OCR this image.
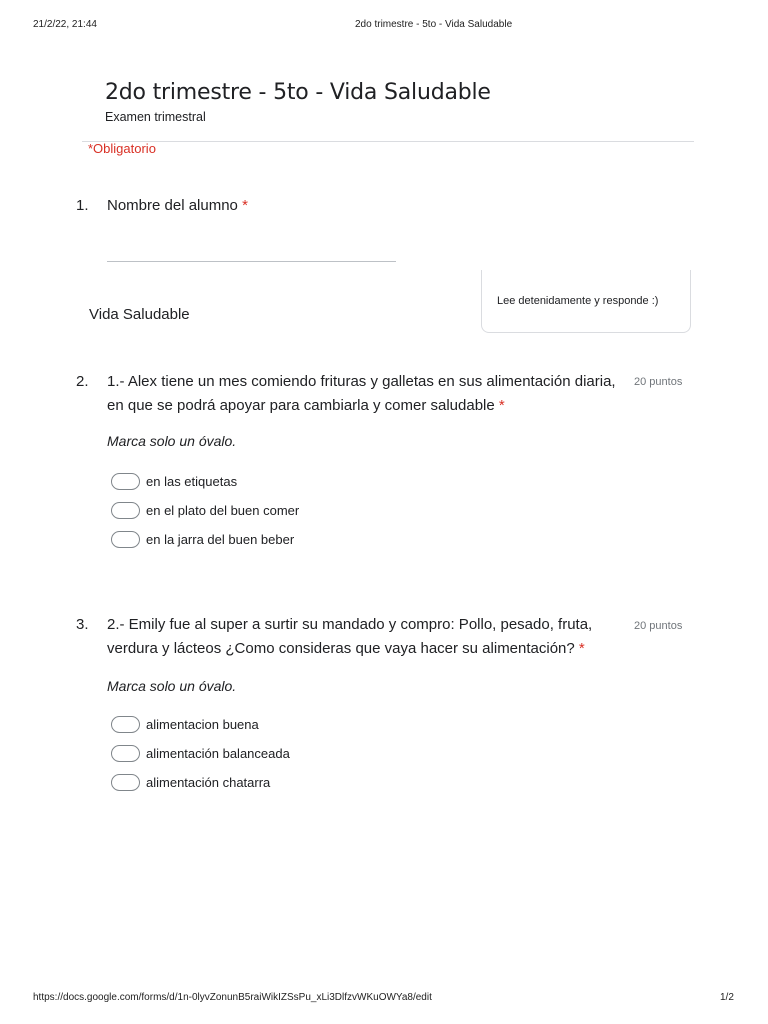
21/2/22, 21:44	2do trimestre - 5to - Vida Saludable
2do trimestre - 5to - Vida Saludable
Examen trimestral
*Obligatorio
1. Nombre del alumno *
Lee detenidamente y responde :)
Vida Saludable
2. 1.- Alex tiene un mes comiendo frituras y galletas en sus alimentación diaria,
en que se podrá apoyar para cambiarla y comer saludable *
20 puntos
Marca solo un óvalo.
en las etiquetas
en el plato del buen comer
en la jarra del buen beber
3. 2.- Emily fue al super a surtir su mandado y compro: Pollo, pesado, fruta,
verdura y lácteos ¿Como consideras que vaya hacer su alimentación? *
20 puntos
Marca solo un óvalo.
alimentacion buena
alimentación balanceada
alimentación chatarra
https://docs.google.com/forms/d/1n-0lyvZonunB5raiWikIZSsPu_xLi3DlfzvWKuOWYa8/edit	1/2
